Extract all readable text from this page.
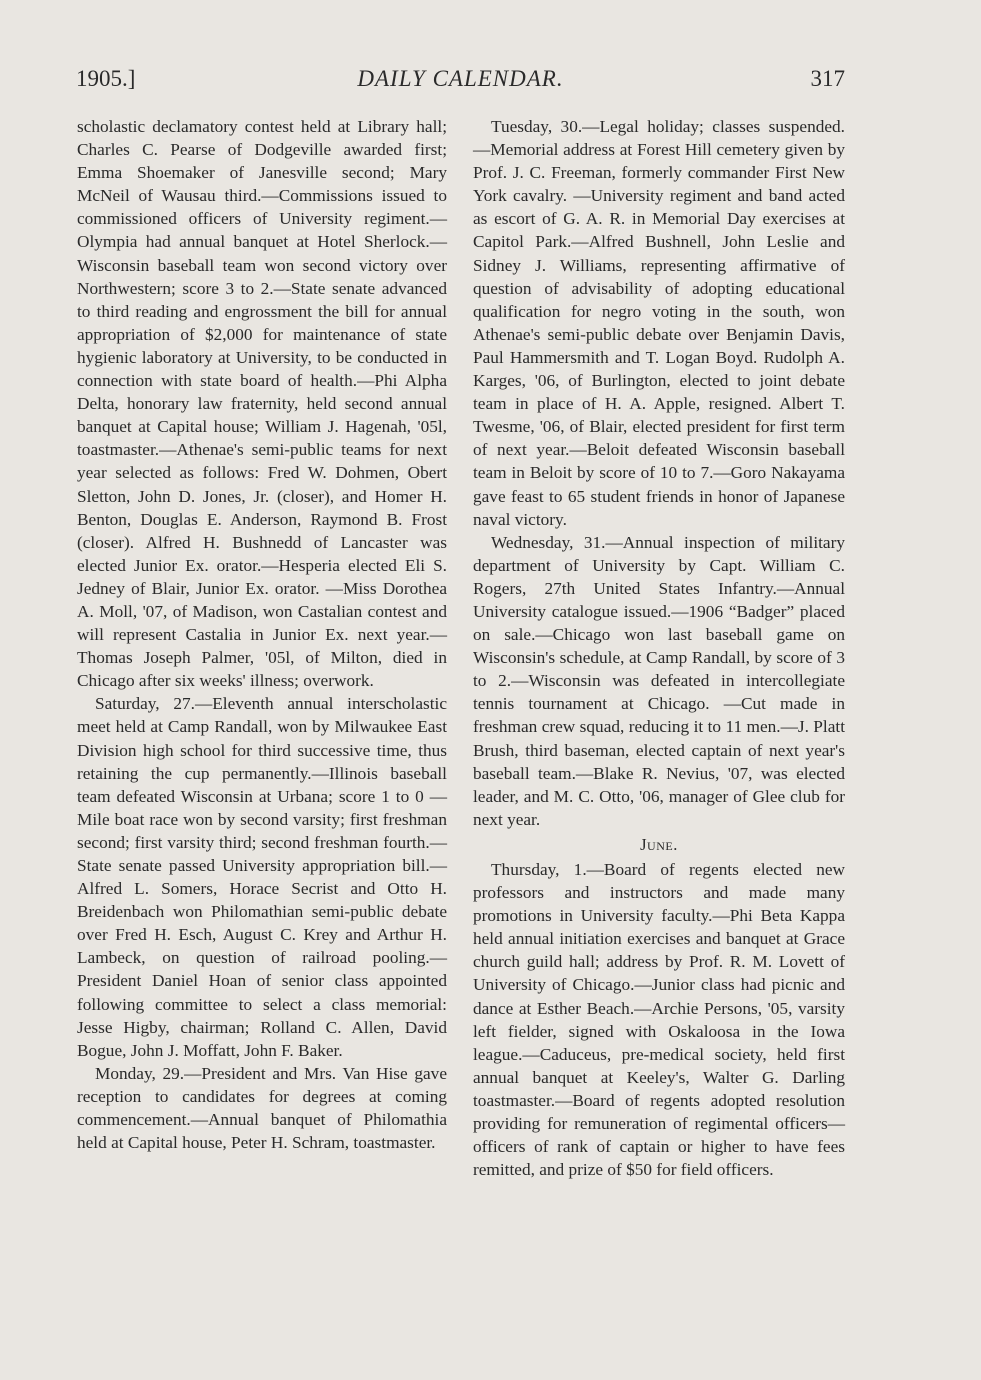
1905.]	DAILY CALENDAR.	317

scholastic declamatory contest held at Library hall; Charles C. Pearse of Dodgeville awarded first; Emma Shoemaker of Janesville second; Mary McNeil of Wausau third.—Commissions issued to commissioned officers of University regiment.—Olympia had annual banquet at Hotel Sherlock.—Wisconsin baseball team won second victory over Northwestern; score 3 to 2.—State senate advanced to third reading and engrossment the bill for annual appropriation of $2,000 for maintenance of state hygienic laboratory at University, to be conducted in connection with state board of health.—Phi Alpha Delta, honorary law fraternity, held second annual banquet at Capital house; William J. Hagenah, '05l, toastmaster.—Athenae's semi-public teams for next year selected as follows: Fred W. Dohmen, Obert Sletton, John D. Jones, Jr. (closer), and Homer H. Benton, Douglas E. Anderson, Raymond B. Frost (closer). Alfred H. Bushnedd of Lancaster was elected Junior Ex. orator.—Hesperia elected Eli S. Jedney of Blair, Junior Ex. orator. —Miss Dorothea A. Moll, '07, of Madison, won Castalian contest and will represent Castalia in Junior Ex. next year.—Thomas Joseph Palmer, '05l, of Milton, died in Chicago after six weeks' illness; overwork.

Saturday, 27.—Eleventh annual interscholastic meet held at Camp Randall, won by Milwaukee East Division high school for third successive time, thus retaining the cup permanently.—Illinois baseball team defeated Wisconsin at Urbana; score 1 to 0 —Mile boat race won by second varsity; first freshman second; first varsity third; second freshman fourth.—State senate passed University appropriation bill.—Alfred L. Somers, Horace Secrist and Otto H. Breidenbach won Philomathian semi-public debate over Fred H. Esch, August C. Krey and Arthur H. Lambeck, on question of railroad pooling.—President Daniel Hoan of senior class appointed following committee to select a class memorial: Jesse Higby, chairman; Rolland C. Allen, David Bogue, John J. Moffatt, John F. Baker.

Monday, 29.—President and Mrs. Van Hise gave reception to candidates for degrees at coming commencement.—Annual banquet of Philomathia held at Capital house, Peter H. Schram, toastmaster.

Tuesday, 30.—Legal holiday; classes suspended.—Memorial address at Forest Hill cemetery given by Prof. J. C. Freeman, formerly commander First New York cavalry. —University regiment and band acted as escort of G. A. R. in Memorial Day exercises at Capitol Park.—Alfred Bushnell, John Leslie and Sidney J. Williams, representing affirmative of question of advisability of adopting educational qualification for negro voting in the south, won Athenae's semi-public debate over Benjamin Davis, Paul Hammersmith and T. Logan Boyd. Rudolph A. Karges, '06, of Burlington, elected to joint debate team in place of H. A. Apple, resigned. Albert T. Twesme, '06, of Blair, elected president for first term of next year.—Beloit defeated Wisconsin baseball team in Beloit by score of 10 to 7.—Goro Nakayama gave feast to 65 student friends in honor of Japanese naval victory.

Wednesday, 31.—Annual inspection of military department of University by Capt. William C. Rogers, 27th United States Infantry.—Annual University catalogue issued.—1906 “Badger” placed on sale.—Chicago won last baseball game on Wisconsin's schedule, at Camp Randall, by score of 3 to 2.—Wisconsin was defeated in intercollegiate tennis tournament at Chicago. —Cut made in freshman crew squad, reducing it to 11 men.—J. Platt Brush, third baseman, elected captain of next year's baseball team.—Blake R. Nevius, '07, was elected leader, and M. C. Otto, '06, manager of Glee club for next year.

June.

Thursday, 1.—Board of regents elected new professors and instructors and made many promotions in University faculty.—Phi Beta Kappa held annual initiation exercises and banquet at Grace church guild hall; address by Prof. R. M. Lovett of University of Chicago.—Junior class had picnic and dance at Esther Beach.—Archie Persons, '05, varsity left fielder, signed with Oskaloosa in the Iowa league.—Caduceus, pre-medical society, held first annual banquet at Keeley's, Walter G. Darling toastmaster.—Board of regents adopted resolution providing for remuneration of regimental officers—officers of rank of captain or higher to have fees remitted, and prize of $50 for field officers.
